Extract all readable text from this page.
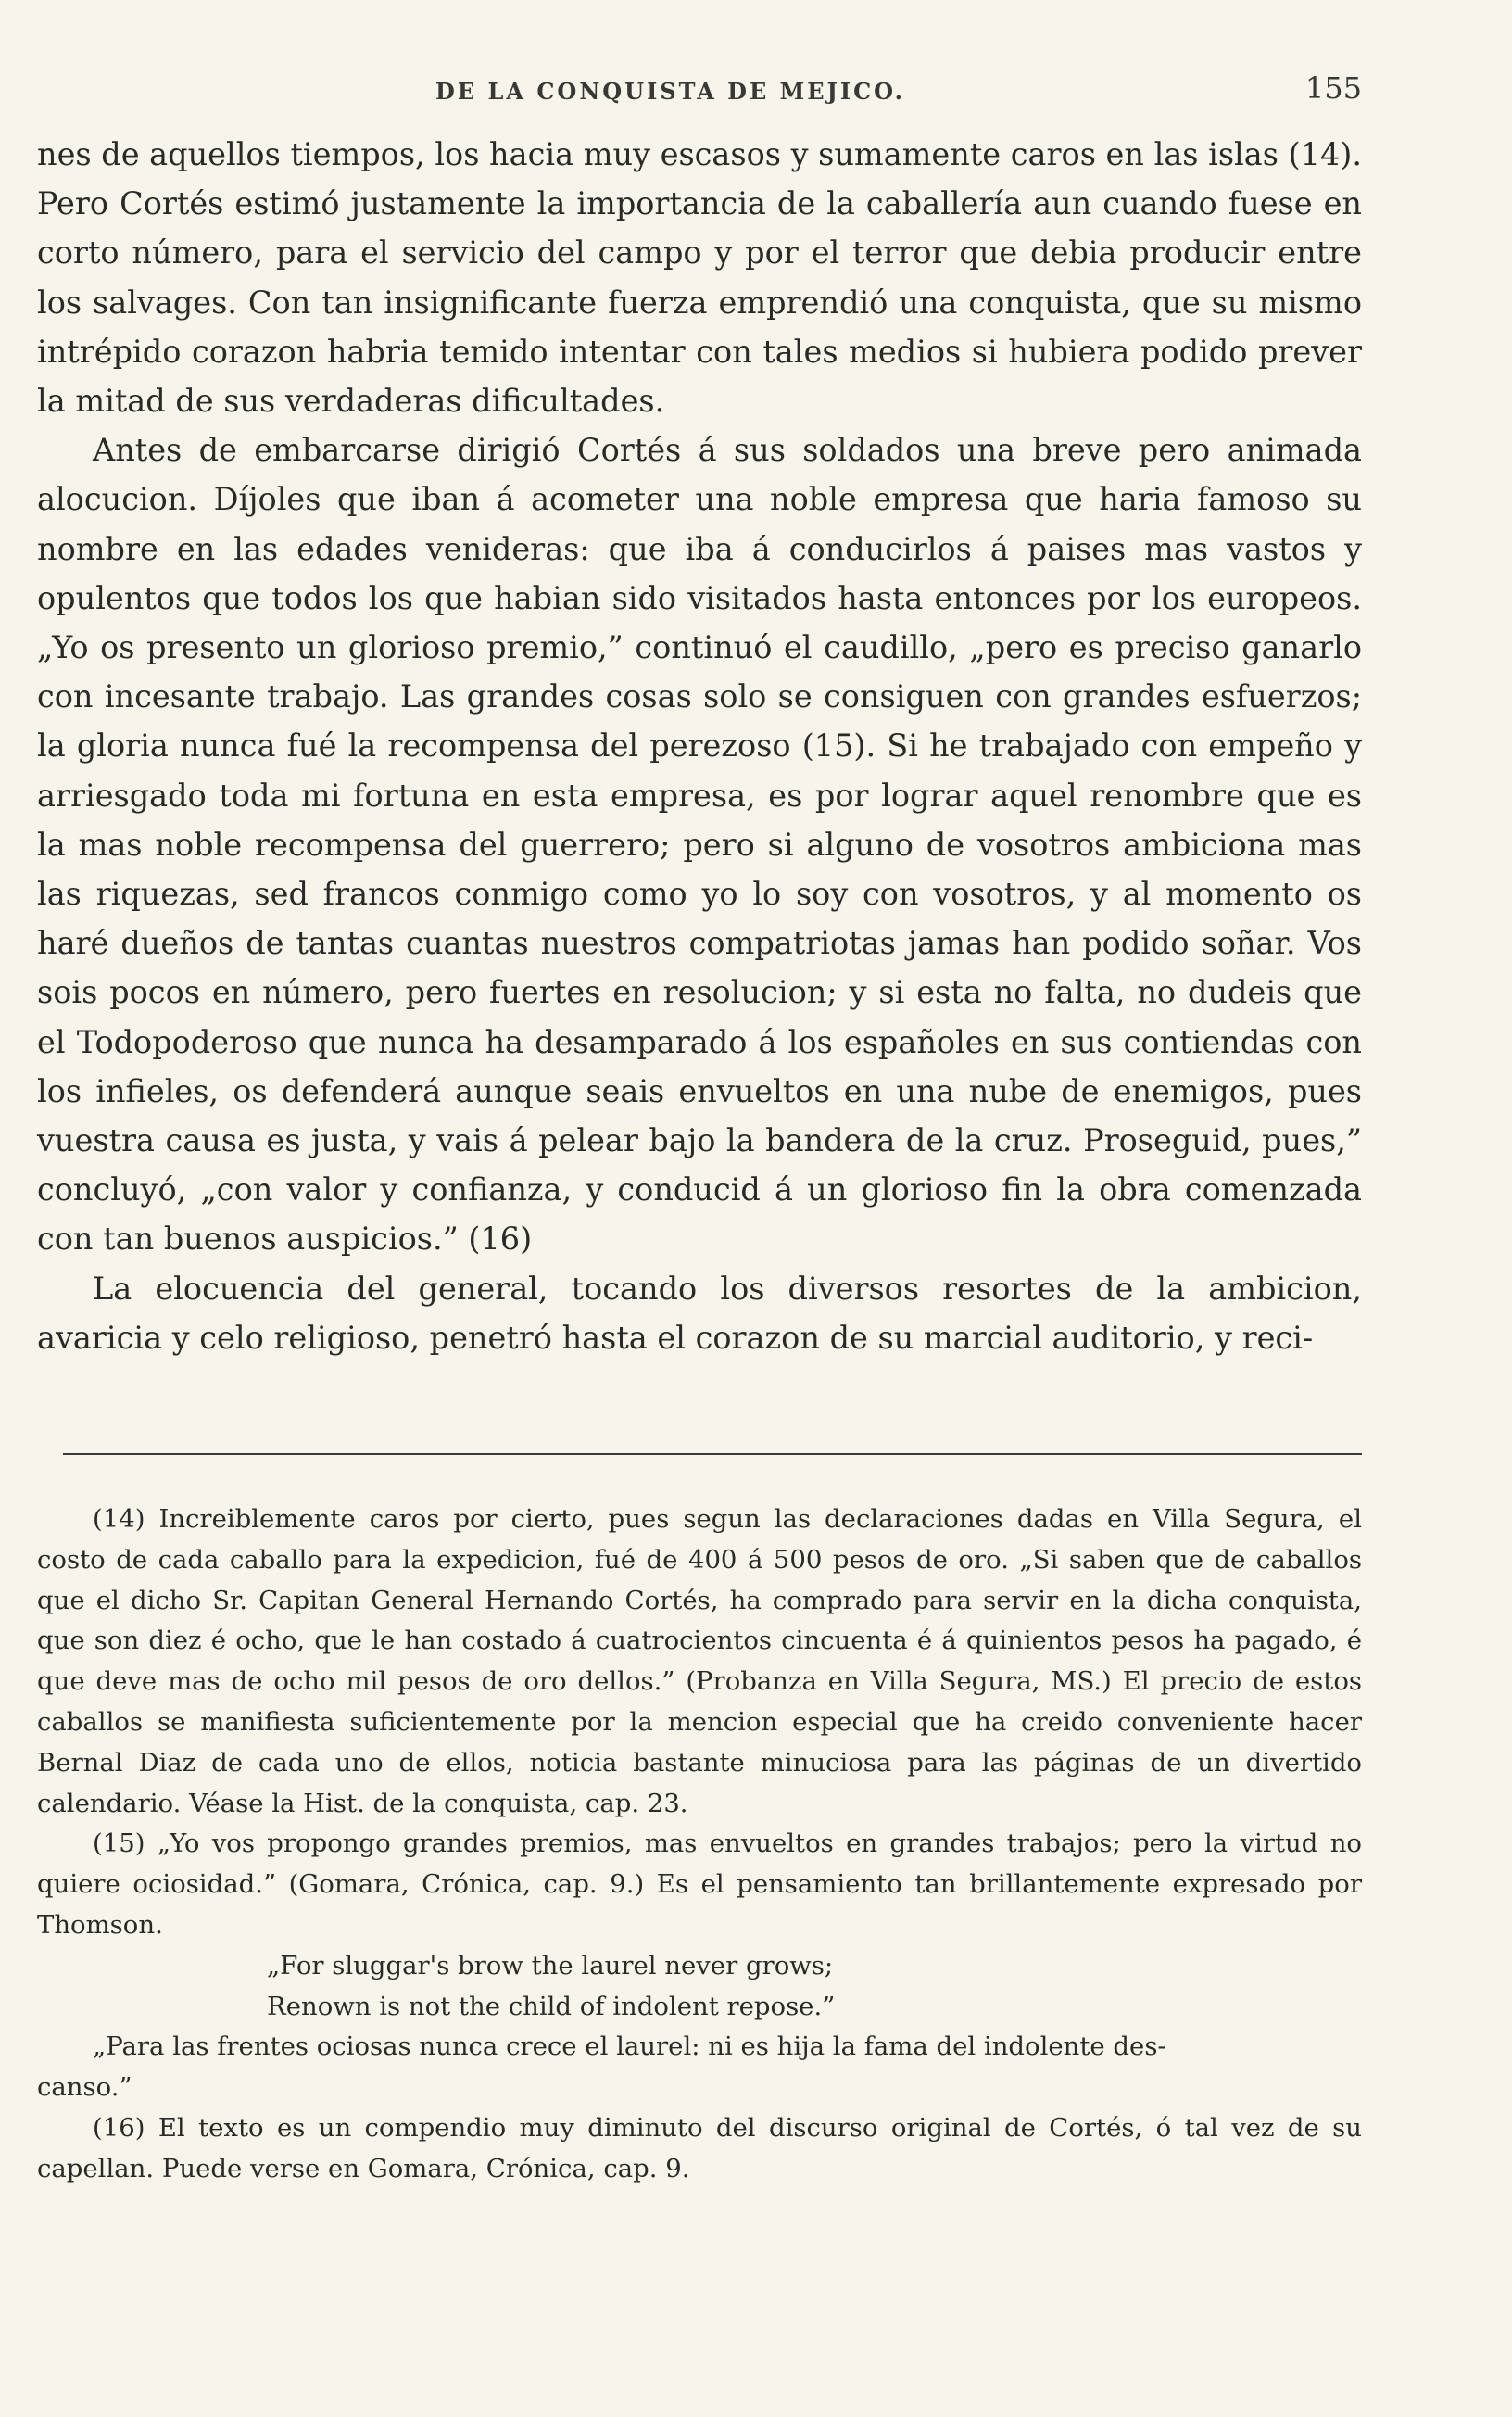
DE LA CONQUISTA DE MEJICO.	155

nes de aquellos tiempos, los hacia muy escasos y sumamente caros en las islas (14). Pero Cortés estimó justamente la importancia de la caballería aun cuando fuese en corto número, para el servicio del campo y por el terror que debia producir entre los salvages. Con tan insignificante fuerza emprendió una conquista, que su mismo intrépido corazon habria temido intentar con tales medios si hubiera podido prever la mitad de sus verdaderas dificultades.

Antes de embarcarse dirigió Cortés á sus soldados una breve pero animada alocucion. Díjoles que iban á acometer una noble empresa que haria famoso su nombre en las edades venideras: que iba á conducirlos á paises mas vastos y opulentos que todos los que habian sido visitados hasta entonces por los europeos. „Yo os presento un glorioso premio,” continuó el caudillo, „pero es preciso ganarlo con incesante trabajo. Las grandes cosas solo se consiguen con grandes esfuerzos; la gloria nunca fué la recompensa del perezoso (15). Si he trabajado con empeño y arriesgado toda mi fortuna en esta empresa, es por lograr aquel renombre que es la mas noble recompensa del guerrero; pero si alguno de vosotros ambiciona mas las riquezas, sed francos conmigo como yo lo soy con vosotros, y al momento os haré dueños de tantas cuantas nuestros compatriotas jamas han podido soñar. Vos sois pocos en número, pero fuertes en resolucion; y si esta no falta, no dudeis que el Todopoderoso que nunca ha desamparado á los españoles en sus contiendas con los infieles, os defenderá aunque seais envueltos en una nube de enemigos, pues vuestra causa es justa, y vais á pelear bajo la bandera de la cruz. Proseguid, pues,” concluyó, „con valor y confianza, y conducid á un glorioso fin la obra comenzada con tan buenos auspicios.” (16)

La elocuencia del general, tocando los diversos resortes de la ambicion, avaricia y celo religioso, penetró hasta el corazon de su marcial auditorio, y reci-

(14) Increiblemente caros por cierto, pues segun las declaraciones dadas en Villa Segura, el costo de cada caballo para la expedicion, fué de 400 á 500 pesos de oro. „Si saben que de caballos que el dicho Sr. Capitan General Hernando Cortés, ha comprado para servir en la dicha conquista, que son diez é ocho, que le han costado á cuatrocientos cincuenta é á quinientos pesos ha pagado, é que deve mas de ocho mil pesos de oro dellos.” (Probanza en Villa Segura, MS.) El precio de estos caballos se manifiesta suficientemente por la mencion especial que ha creido conveniente hacer Bernal Diaz de cada uno de ellos, noticia bastante minuciosa para las páginas de un divertido calendario. Véase la Hist. de la conquista, cap. 23.

(15) „Yo vos propongo grandes premios, mas envueltos en grandes trabajos; pero la virtud no quiere ociosidad.” (Gomara, Crónica, cap. 9.) Es el pensamiento tan brillantemente expresado por Thomson.

„For sluggar's brow the laurel never grows;

Renown is not the child of indolent repose.”

„Para las frentes ociosas nunca crece el laurel: ni es hija la fama del indolente des-

canso.”

(16) El texto es un compendio muy diminuto del discurso original de Cortés, ó tal vez de su capellan. Puede verse en Gomara, Crónica, cap. 9.
